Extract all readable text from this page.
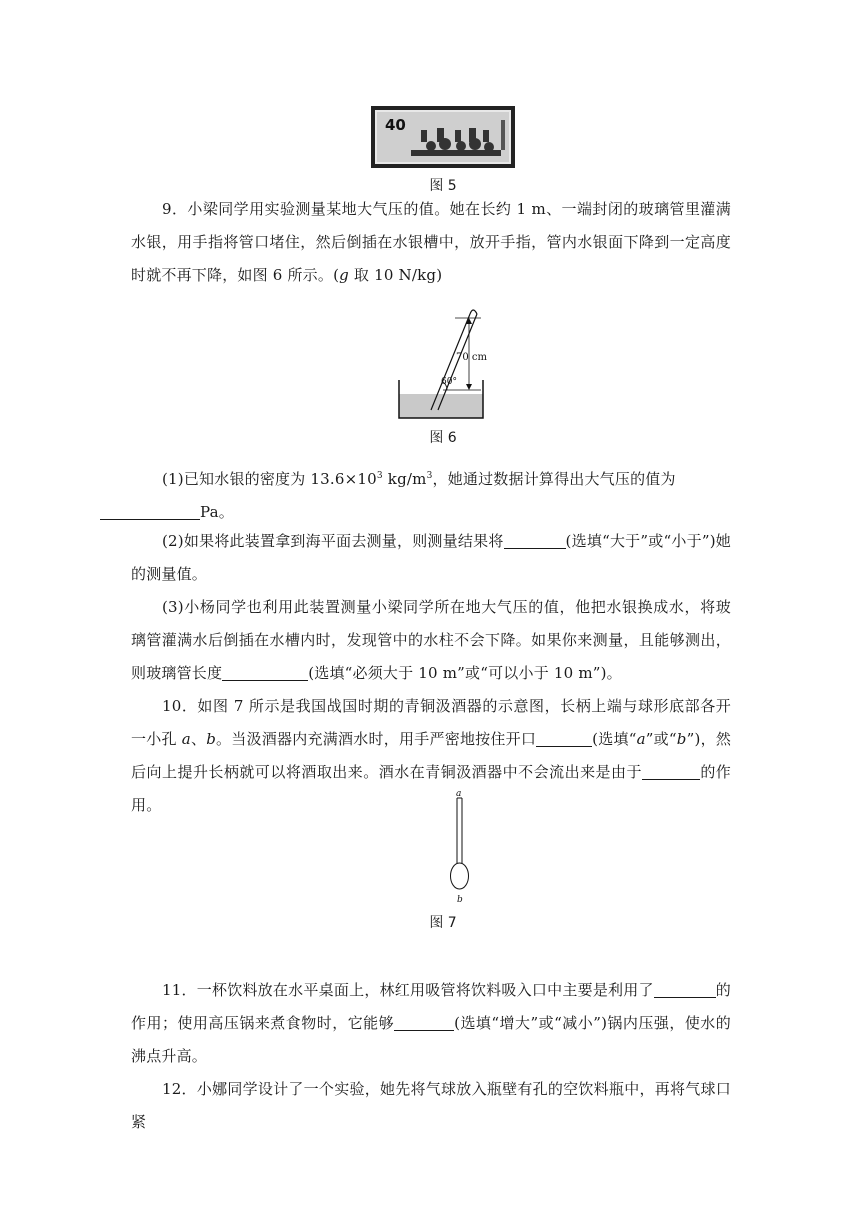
40
图 5

9．小梁同学用实验测量某地大气压的值。她在长约 1 m、一端封闭的玻璃管里灌满水银，用手指将管口堵住，然后倒插在水银槽中，放开手指，管内水银面下降到一定高度时就不再下降，如图 6 所示。(g 取 10 N/kg)

70 cm
60°
图 6

(1)已知水银的密度为 $13.6\times 10^3$ $kg/m^3$，她通过数据计算得出大气压的值为
Pa。

(2)如果将此装置拿到海平面去测量，则测量结果将	(选填“大于”或“小于”)她的测量值。

(3)小杨同学也利用此装置测量小梁同学所在地大气压的值，他把水银换成水，将玻璃管灌满水后倒插在水槽内时，发现管中的水柱不会下降。如果你来测量，且能够测出，则玻璃管长度	(选填“必须大于 10 m”或“可以小于 10 m”)。

10．如图 7 所示是我国战国时期的青铜汲酒器的示意图，长柄上端与球形底部各开一小孔 a、b。当汲酒器内充满酒水时，用手严密地按住开口	(选填“a”或“b”)，然后向上提升长柄就可以将酒取出来。酒水在青铜汲酒器中不会流出来是由于	的作用。

a
b
图 7

11．一杯饮料放在水平桌面上，林红用吸管将饮料吸入口中主要是利用了	的作用；使用高压锅来煮食物时，它能够	(选填“增大”或“减小”)锅内压强，使水的沸点升高。

12．小娜同学设计了一个实验，她先将气球放入瓶壁有孔的空饮料瓶中，再将气球口紧
